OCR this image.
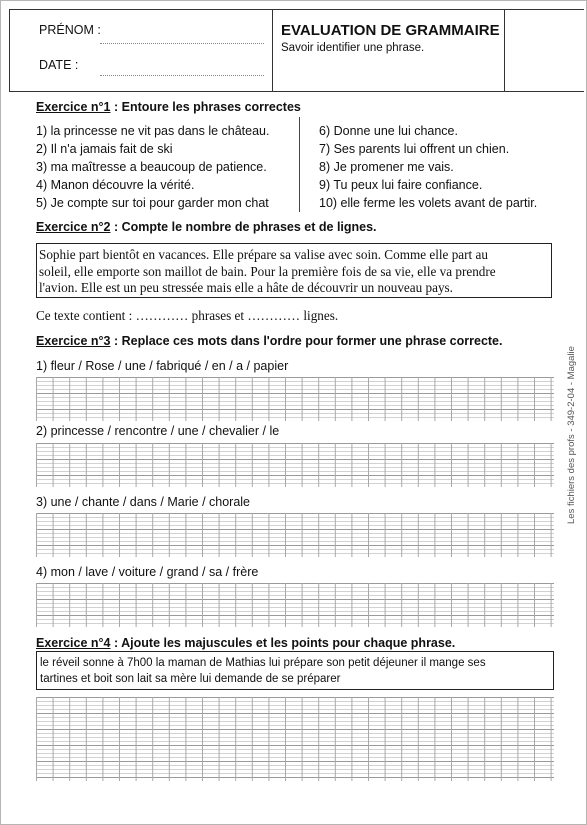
PRÉNOM :
DATE :
EVALUATION DE GRAMMAIRE
Savoir identifier une phrase.
Exercice n°1 : Entoure les phrases correctes
1) la princesse ne vit pas dans le château.
2) Il n'a jamais fait de ski
3) ma maîtresse a beaucoup de patience.
4) Manon découvre la vérité.
5) Je compte sur toi pour garder mon chat
6) Donne une lui chance.
7) Ses parents lui offrent un chien.
8) Je promener me vais.
9) Tu peux lui faire confiance.
10) elle ferme les volets avant de partir.
Exercice n°2 : Compte le nombre de phrases et de lignes.
Sophie part bientôt en vacances. Elle prépare sa valise avec soin. Comme elle part au
soleil, elle emporte son maillot de bain. Pour la première fois de sa vie, elle va prendre
l'avion. Elle est un peu stressée mais elle a hâte de découvrir un nouveau pays.
Ce texte contient : ………… phrases et ………… lignes.
Exercice n°3 : Replace ces mots dans l'ordre pour former une phrase correcte.
1) fleur / Rose / une / fabriqué / en / a / papier
2) princesse / rencontre / une / chevalier / le
3) une / chante / dans / Marie / chorale
4) mon / lave / voiture / grand / sa / frère
Exercice n°4 : Ajoute les majuscules et les points pour chaque phrase.
le réveil sonne à 7h00 la maman de Mathias lui prépare son petit déjeuner il mange ses
tartines et boit son lait sa mère lui demande de se préparer
Les fichiers des profs - 349-2-04 - Magalie
